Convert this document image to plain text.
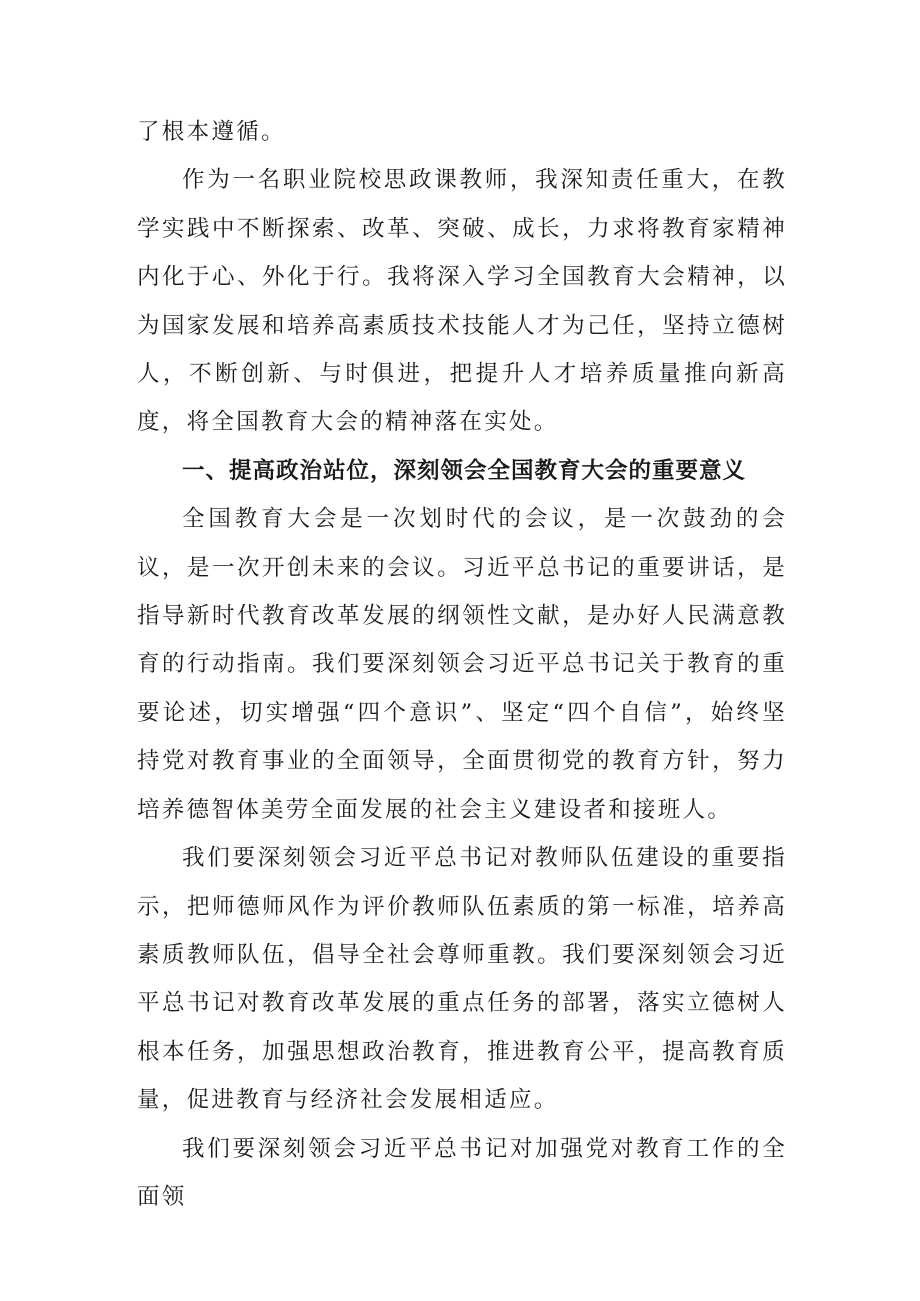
了根本遵循。

作为一名职业院校思政课教师，我深知责任重大，在教学实践中不断探索、改革、突破、成长，力求将教育家精神内化于心、外化于行。我将深入学习全国教育大会精神，以为国家发展和培养高素质技术技能人才为己任，坚持立德树人，不断创新、与时俱进，把提升人才培养质量推向新高度，将全国教育大会的精神落在实处。

一、提高政治站位，深刻领会全国教育大会的重要意义

全国教育大会是一次划时代的会议，是一次鼓劲的会议，是一次开创未来的会议。习近平总书记的重要讲话，是指导新时代教育改革发展的纲领性文献，是办好人民满意教育的行动指南。我们要深刻领会习近平总书记关于教育的重要论述，切实增强“四个意识”、坚定“四个自信”，始终坚持党对教育事业的全面领导，全面贯彻党的教育方针，努力培养德智体美劳全面发展的社会主义建设者和接班人。

我们要深刻领会习近平总书记对教师队伍建设的重要指示，把师德师风作为评价教师队伍素质的第一标准，培养高素质教师队伍，倡导全社会尊师重教。我们要深刻领会习近平总书记对教育改革发展的重点任务的部署，落实立德树人根本任务，加强思想政治教育，推进教育公平，提高教育质量，促进教育与经济社会发展相适应。

我们要深刻领会习近平总书记对加强党对教育工作的全面领
